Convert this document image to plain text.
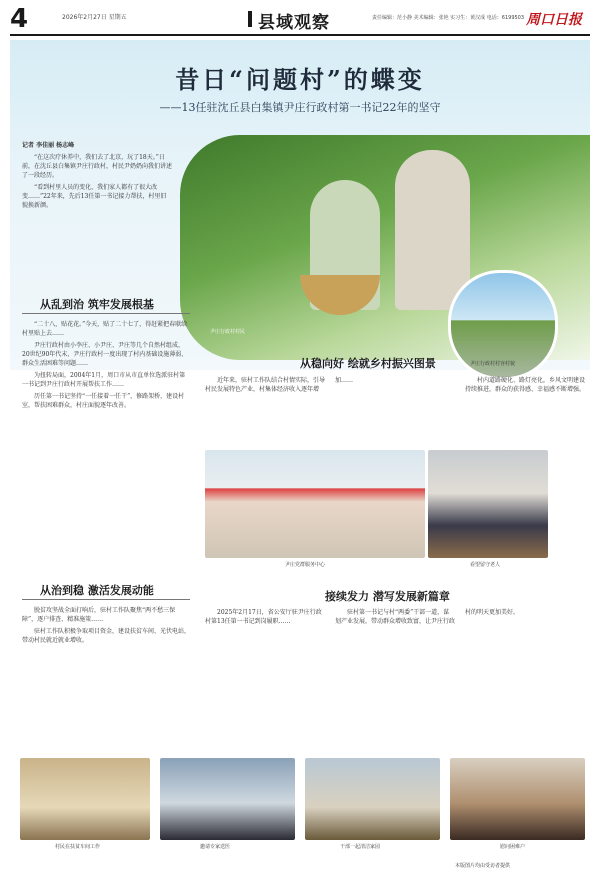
4	2026年2月27日 星期五	县域观察	责任编辑：范小静 美术编辑：张艳 实习生：黄汉成 电话：6199503 周口日报
昔日“问题村”的蝶变
——13任驻沈丘县白集镇尹庄行政村第一书记22年的坚守
记者 李佳丽 杨志峰

“在这次疗休养中，我们去了北京，玩了18天。”日前，在沈丘县白集镇尹庄行政村，村民尹奶奶向我们讲述了一段经历。

“看到村里人员的变化，我们家人都有了很大改变……”22年来，先后13任第一书记接力帮扶，村里旧貌换新颜。

尹庄行政村村民
尹庄行政村村容村貌
从乱到治 筑牢发展根基

“二十八，贴花花。”今天，贴了二十七了，得赶紧把春联给村里贴上去……

尹庄行政村由小李庄、小尹庄、尹庄等几个自然村组成，20世纪90年代末，尹庄行政村一度出现了村内基础设施薄弱、群众生活困难等问题……

为扭转局面，2004年1月，周口市从市直单位选派驻村第一书记到尹庄行政村开展帮扶工作……

历任第一书记坚持“一任接着一任干”，修路架桥，建设村室，帮扶困难群众，村庄面貌逐年改善。

从稳向好 绘就乡村振兴图景

近年来，驻村工作队结合村情实际，引导村民发展特色产业，村集体经济收入逐年增加……	村内道路硬化、路灯亮化，乡风文明建设持续推进，群众的获得感、幸福感不断增强。

尹庄党群服务中心	看望留守老人
从治到稳 激活发展动能

脱贫攻坚战全面打响后，驻村工作队聚焦“两不愁三保障”，逐户排查、精准施策……

驻村工作队积极争取项目资金，建设扶贫车间、光伏电站，带动村民就近就业增收。

接续发力 潜写发展新篇章

2025年2月17日，省公安厅驻尹庄行政村第13任第一书记到岗履职……

驻村第一书记与村“两委”干部一道，谋划产业发展，带动群众增收致富，让尹庄行政村的明天更加美好。

村民在扶贫车间工作	邀请专家送医	干部一起清洁家园	慰问困难户
本版图片均由受访者提供
